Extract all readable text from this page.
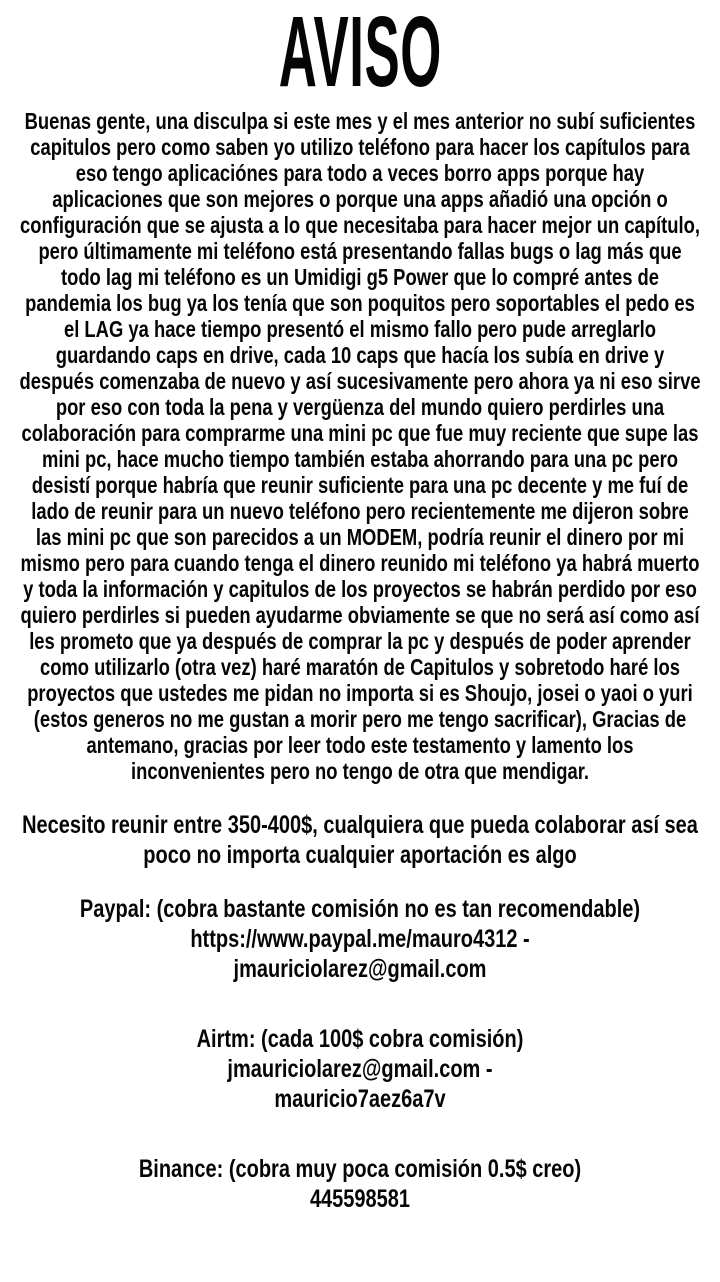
AVISO

Buenas gente, una disculpa si este mes y el mes anterior no subí suficientes capitulos pero como saben yo utilizo teléfono para hacer los capítulos para eso tengo aplicaciónes para todo a veces borro apps porque hay aplicaciones que son mejores o porque una apps añadió una opción o configuración que se ajusta a lo que necesitaba para hacer mejor un capítulo, pero últimamente mi teléfono está presentando fallas bugs o lag más que todo lag mi teléfono es un Umidigi g5 Power que lo compré antes de pandemia los bug ya los tenía que son poquitos pero soportables el pedo es el LAG ya hace tiempo presentó el mismo fallo pero pude arreglarlo guardando caps en drive, cada 10 caps que hacía los subía en drive y después comenzaba de nuevo y así sucesivamente pero ahora ya ni eso sirve por eso con toda la pena y vergüenza del mundo quiero perdirles una colaboración para comprarme una mini pc que fue muy reciente que supe las mini pc, hace mucho tiempo también estaba ahorrando para una pc pero desistí porque habría que reunir suficiente para una pc decente y me fuí de lado de reunir para un nuevo teléfono pero recientemente me dijeron sobre las mini pc que son parecidos a un MODEM, podría reunir el dinero por mi mismo pero para cuando tenga el dinero reunido mi teléfono ya habrá muerto y toda la información y capitulos de los proyectos se habrán perdido por eso quiero perdirles si pueden ayudarme obviamente se que no será así como así les prometo que ya después de comprar la pc y después de poder aprender como utilizarlo (otra vez) haré maratón de Capitulos y sobretodo haré los proyectos que ustedes me pidan no importa si es Shoujo, josei o yaoi o yuri (estos generos no me gustan a morir pero me tengo sacrificar), Gracias de antemano, gracias por leer todo este testamento y lamento los inconvenientes pero no tengo de otra que mendigar.

Necesito reunir entre 350-400$, cualquiera que pueda colaborar así sea poco no importa cualquier aportación es algo

Paypal: (cobra bastante comisión no es tan recomendable)
https://www.paypal.me/mauro4312 -
jmauriciolarez@gmail.com
Airtm: (cada 100$ cobra comisión)
jmauriciolarez@gmail.com -
mauricio7aez6a7v
Binance: (cobra muy poca comisión 0.5$ creo)
445598581
